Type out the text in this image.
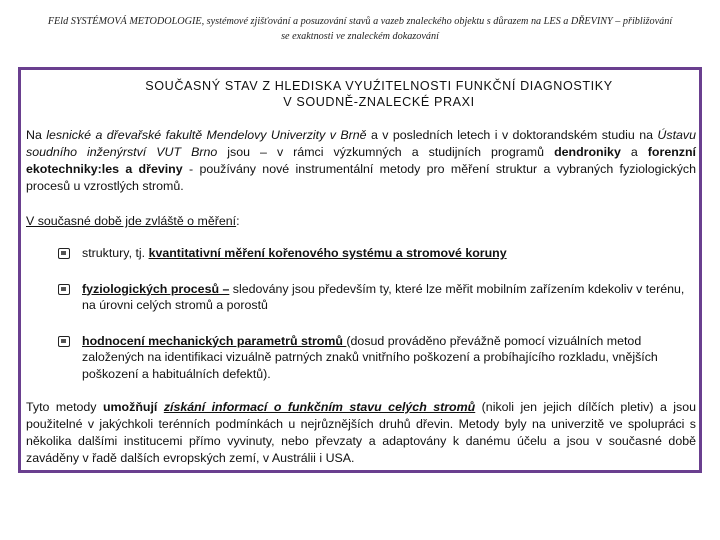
FEld SYSTÉMOVÁ METODOLOGIE, systémové zjišťování a posuzování stavů a vazeb znaleckého objektu s důrazem na LES a DŘEVINY – přibližování
se exaktnosti ve znaleckém dokazování
SOUČASNÝ STAV Z HLEDISKA VYUŹITELNOSTI FUNKČNÍ DIAGNOSTIKY
V SOUDNĚ-ZNALECKÉ PRAXI

Na lesnické a dřevařské fakultě Mendelovy Univerzity v Brně a v posledních letech i v doktorandském studiu na Ústavu soudního inženýrství VUT Brno jsou – v rámci výzkumných a studijních programů dendroniky a forenzní ekotechniky:les a dřeviny - používány nové instrumentální metody pro měření struktur a vybraných fyziologických procesů u vzrostlých stromů.

V současné době jde zvláště o měření:

struktury, tj. kvantitativní měření kořenového systému a stromové koruny
fyziologických procesů – sledovány jsou především ty, které lze měřit mobilním zařízením kdekoliv v terénu, na úrovni celých stromů a porostů
hodnocení mechanických parametrů stromů (dosud prováděno převážně pomocí vizuálních metod založených na identifikaci vizuálně patrných znaků vnitřního poškození a probíhajícího rozkladu, vnějších poškození a habituálních defektů).

Tyto metody umožňují získání informací o funkčním stavu celých stromů (nikoli jen jejich dílčích pletiv) a jsou použitelné v jakýchkoli terénních podmínkách u nejrůznějších druhů dřevin. Metody byly na univerzitě ve spolupráci s několika dalšími institucemi přímo vyvinuty, nebo převzaty a adaptovány k danému účelu a jsou v současné době zaváděny v řadě dalších evropských zemí, v Austrálii i USA.
